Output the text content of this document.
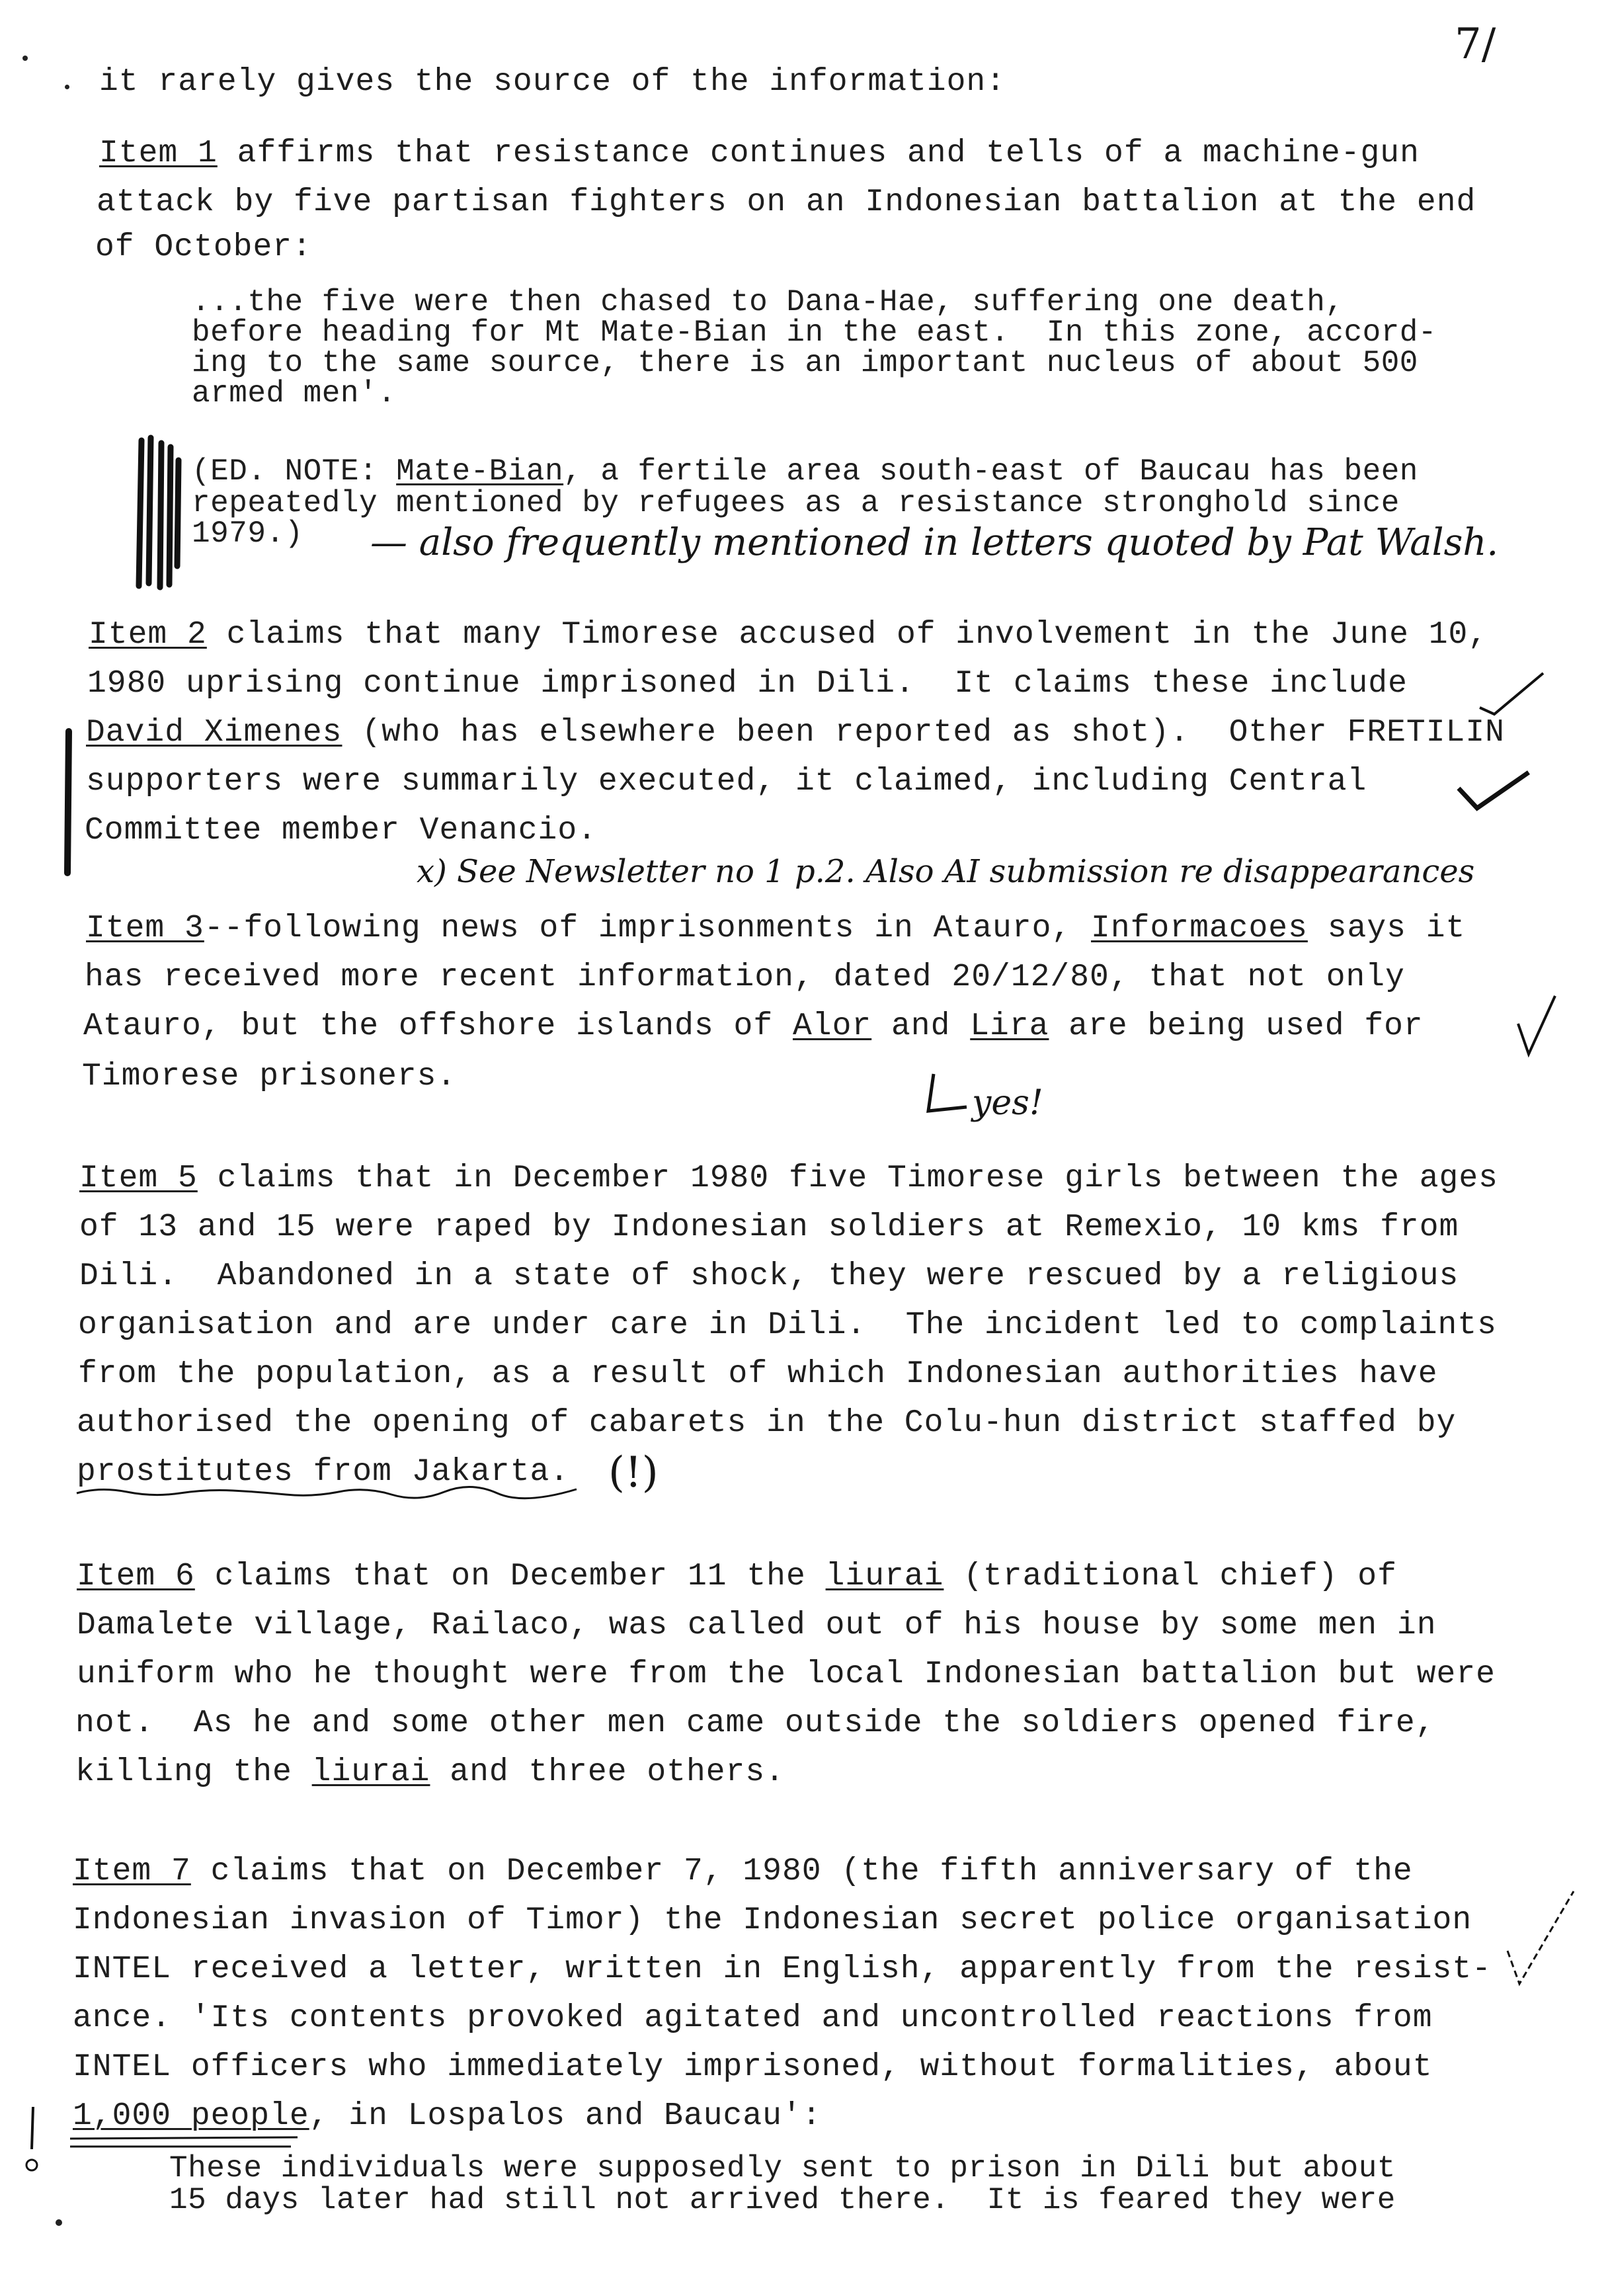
7/
it rarely gives the source of the information:
Item 1 affirms that resistance continues and tells of a machine-gun
attack by five partisan fighters on an Indonesian battalion at the end
of October:
...the five were then chased to Dana-Hae, suffering one death,
before heading for Mt Mate-Bian in the east.  In this zone, accord-
ing to the same source, there is an important nucleus of about 500
armed men'.
(ED. NOTE: Mate-Bian, a fertile area south-east of Baucau has been
repeatedly mentioned by refugees as a resistance stronghold since
1979.) — also frequently mentioned in letters quoted by Pat Walsh.
Item 2 claims that many Timorese accused of involvement in the June 10,
1980 uprising continue imprisoned in Dili.  It claims these include
David Ximenes (who has elsewhere been reported as shot).  Other FRETILIN
supporters were summarily executed, it claimed, including Central
Committee member Venancio.
x) See Newsletter no 1 p.2. Also AI submission re disappearances
Item 3--following news of imprisonments in Atauro, Informacoes says it
has received more recent information, dated 20/12/80, that not only
Atauro, but the offshore islands of Alor and Lira are being used for
Timorese prisoners.
yes!
Item 5 claims that in December 1980 five Timorese girls between the ages
of 13 and 15 were raped by Indonesian soldiers at Remexio, 10 kms from
Dili.  Abandoned in a state of shock, they were rescued by a religious
organisation and are under care in Dili.  The incident led to complaints
from the population, as a result of which Indonesian authorities have
authorised the opening of cabarets in the Colu-hun district staffed by
prostitutes from Jakarta. (!)
Item 6 claims that on December 11 the liurai (traditional chief) of
Damalete village, Railaco, was called out of his house by some men in
uniform who he thought were from the local Indonesian battalion but were
not.  As he and some other men came outside the soldiers opened fire,
killing the liurai and three others.
Item 7 claims that on December 7, 1980 (the fifth anniversary of the
Indonesian invasion of Timor) the Indonesian secret police organisation
INTEL received a letter, written in English, apparently from the resist-
ance. 'Its contents provoked agitated and uncontrolled reactions from
INTEL officers who immediately imprisoned, without formalities, about
1,000 people, in Lospalos and Baucau':
These individuals were supposedly sent to prison in Dili but about
15 days later had still not arrived there.  It is feared they were
